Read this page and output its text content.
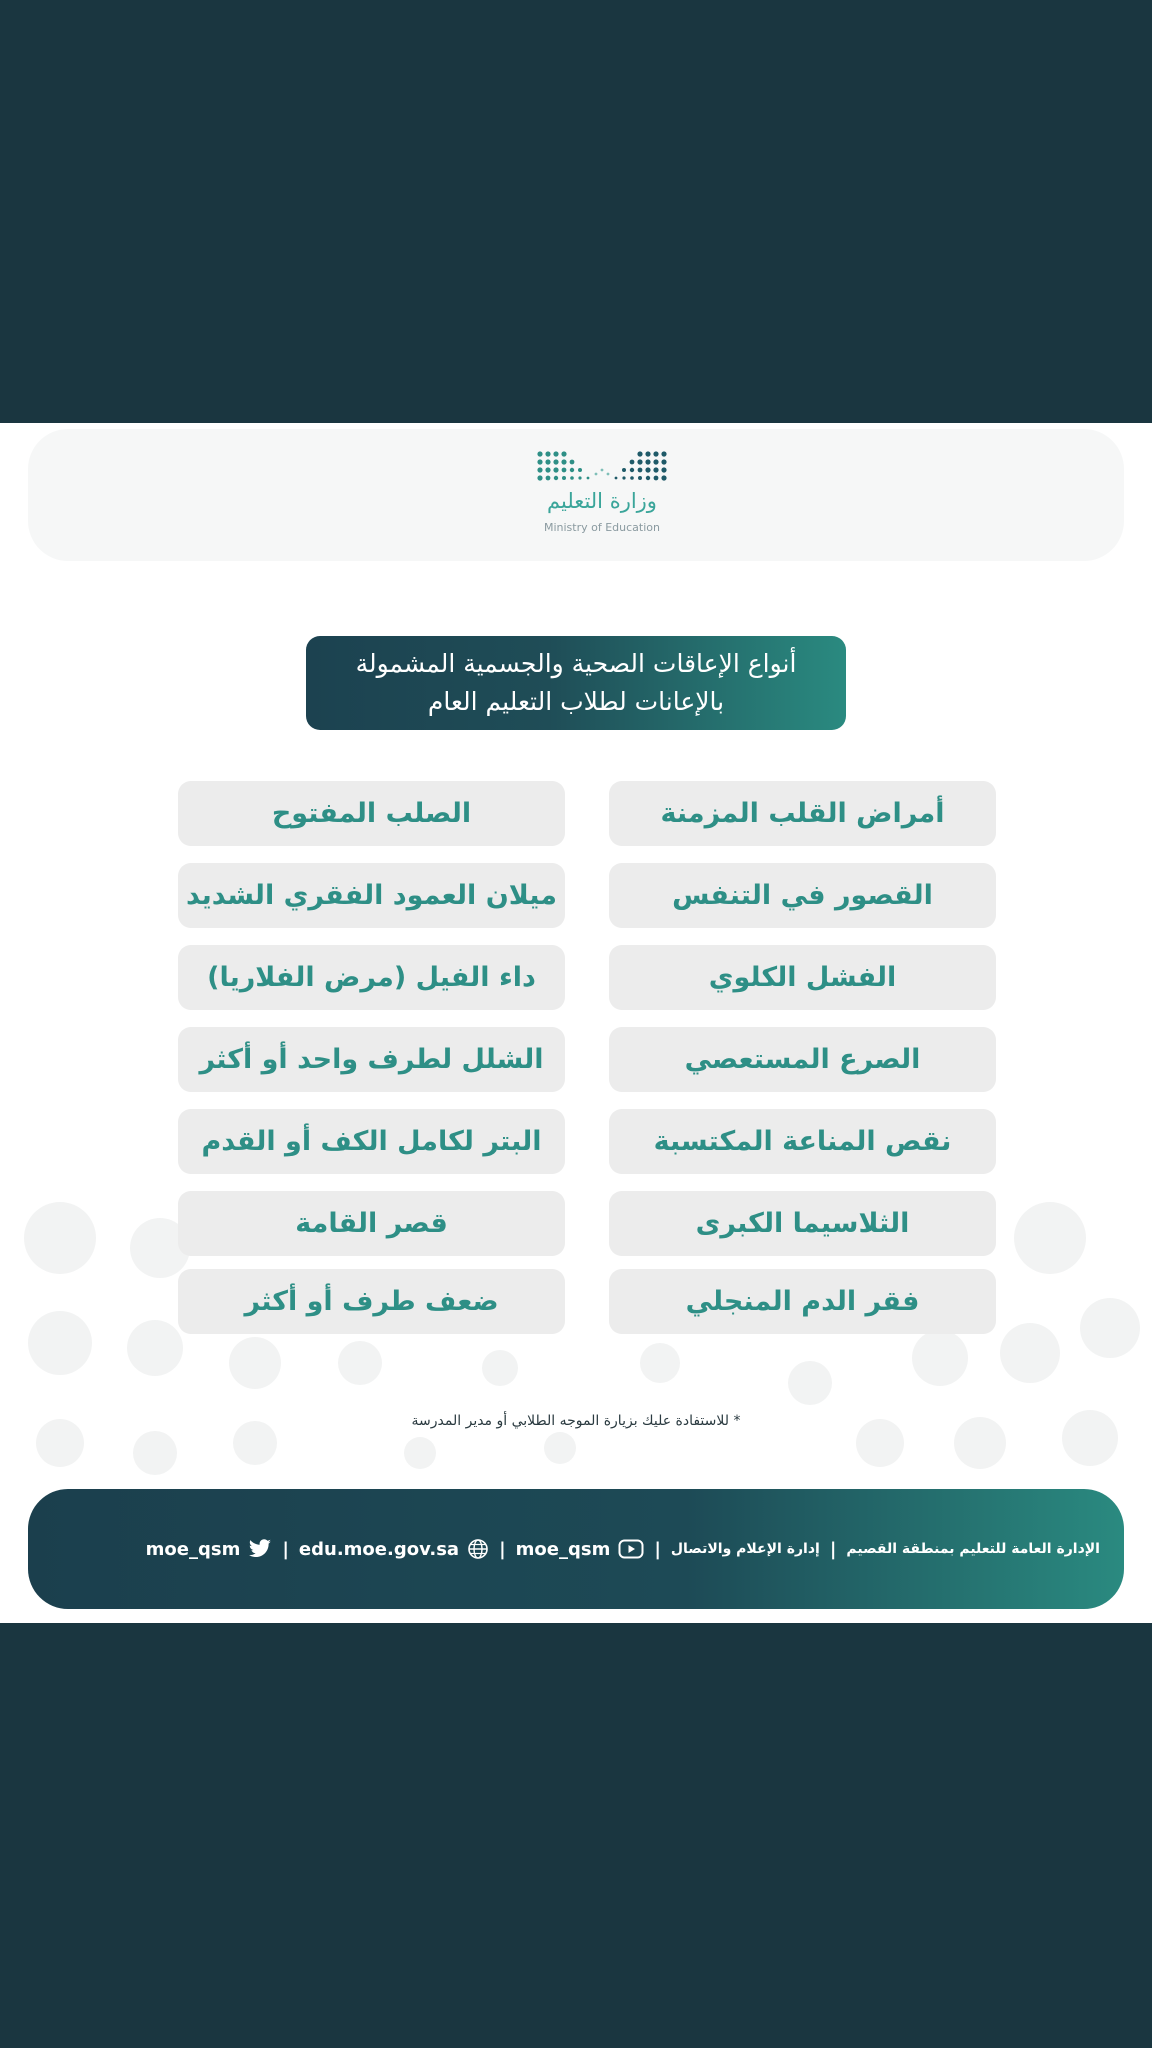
وزارة التعليم
Ministry of Education
أنواع الإعاقات الصحية والجسمية المشمولة
بالإعانات لطلاب التعليم العام
أمراض القلب المزمنة
الصلب المفتوح
القصور في التنفس
ميلان العمود الفقري الشديد
الفشل الكلوي
داء الفيل (مرض الفلاريا)
الصرع المستعصي
الشلل لطرف واحد أو أكثر
نقص المناعة المكتسبة
البتر لكامل الكف أو القدم
الثلاسيما الكبرى
قصر القامة
فقر الدم المنجلي
ضعف طرف أو أكثر
* للاستفادة عليك بزيارة الموجه الطلابي أو مدير المدرسة
الإدارة العامة للتعليم بمنطقة القصيم
|
إدارة الإعلام والاتصال
|
moe_qsm
|
edu.moe.gov.sa
|
moe_qsm
